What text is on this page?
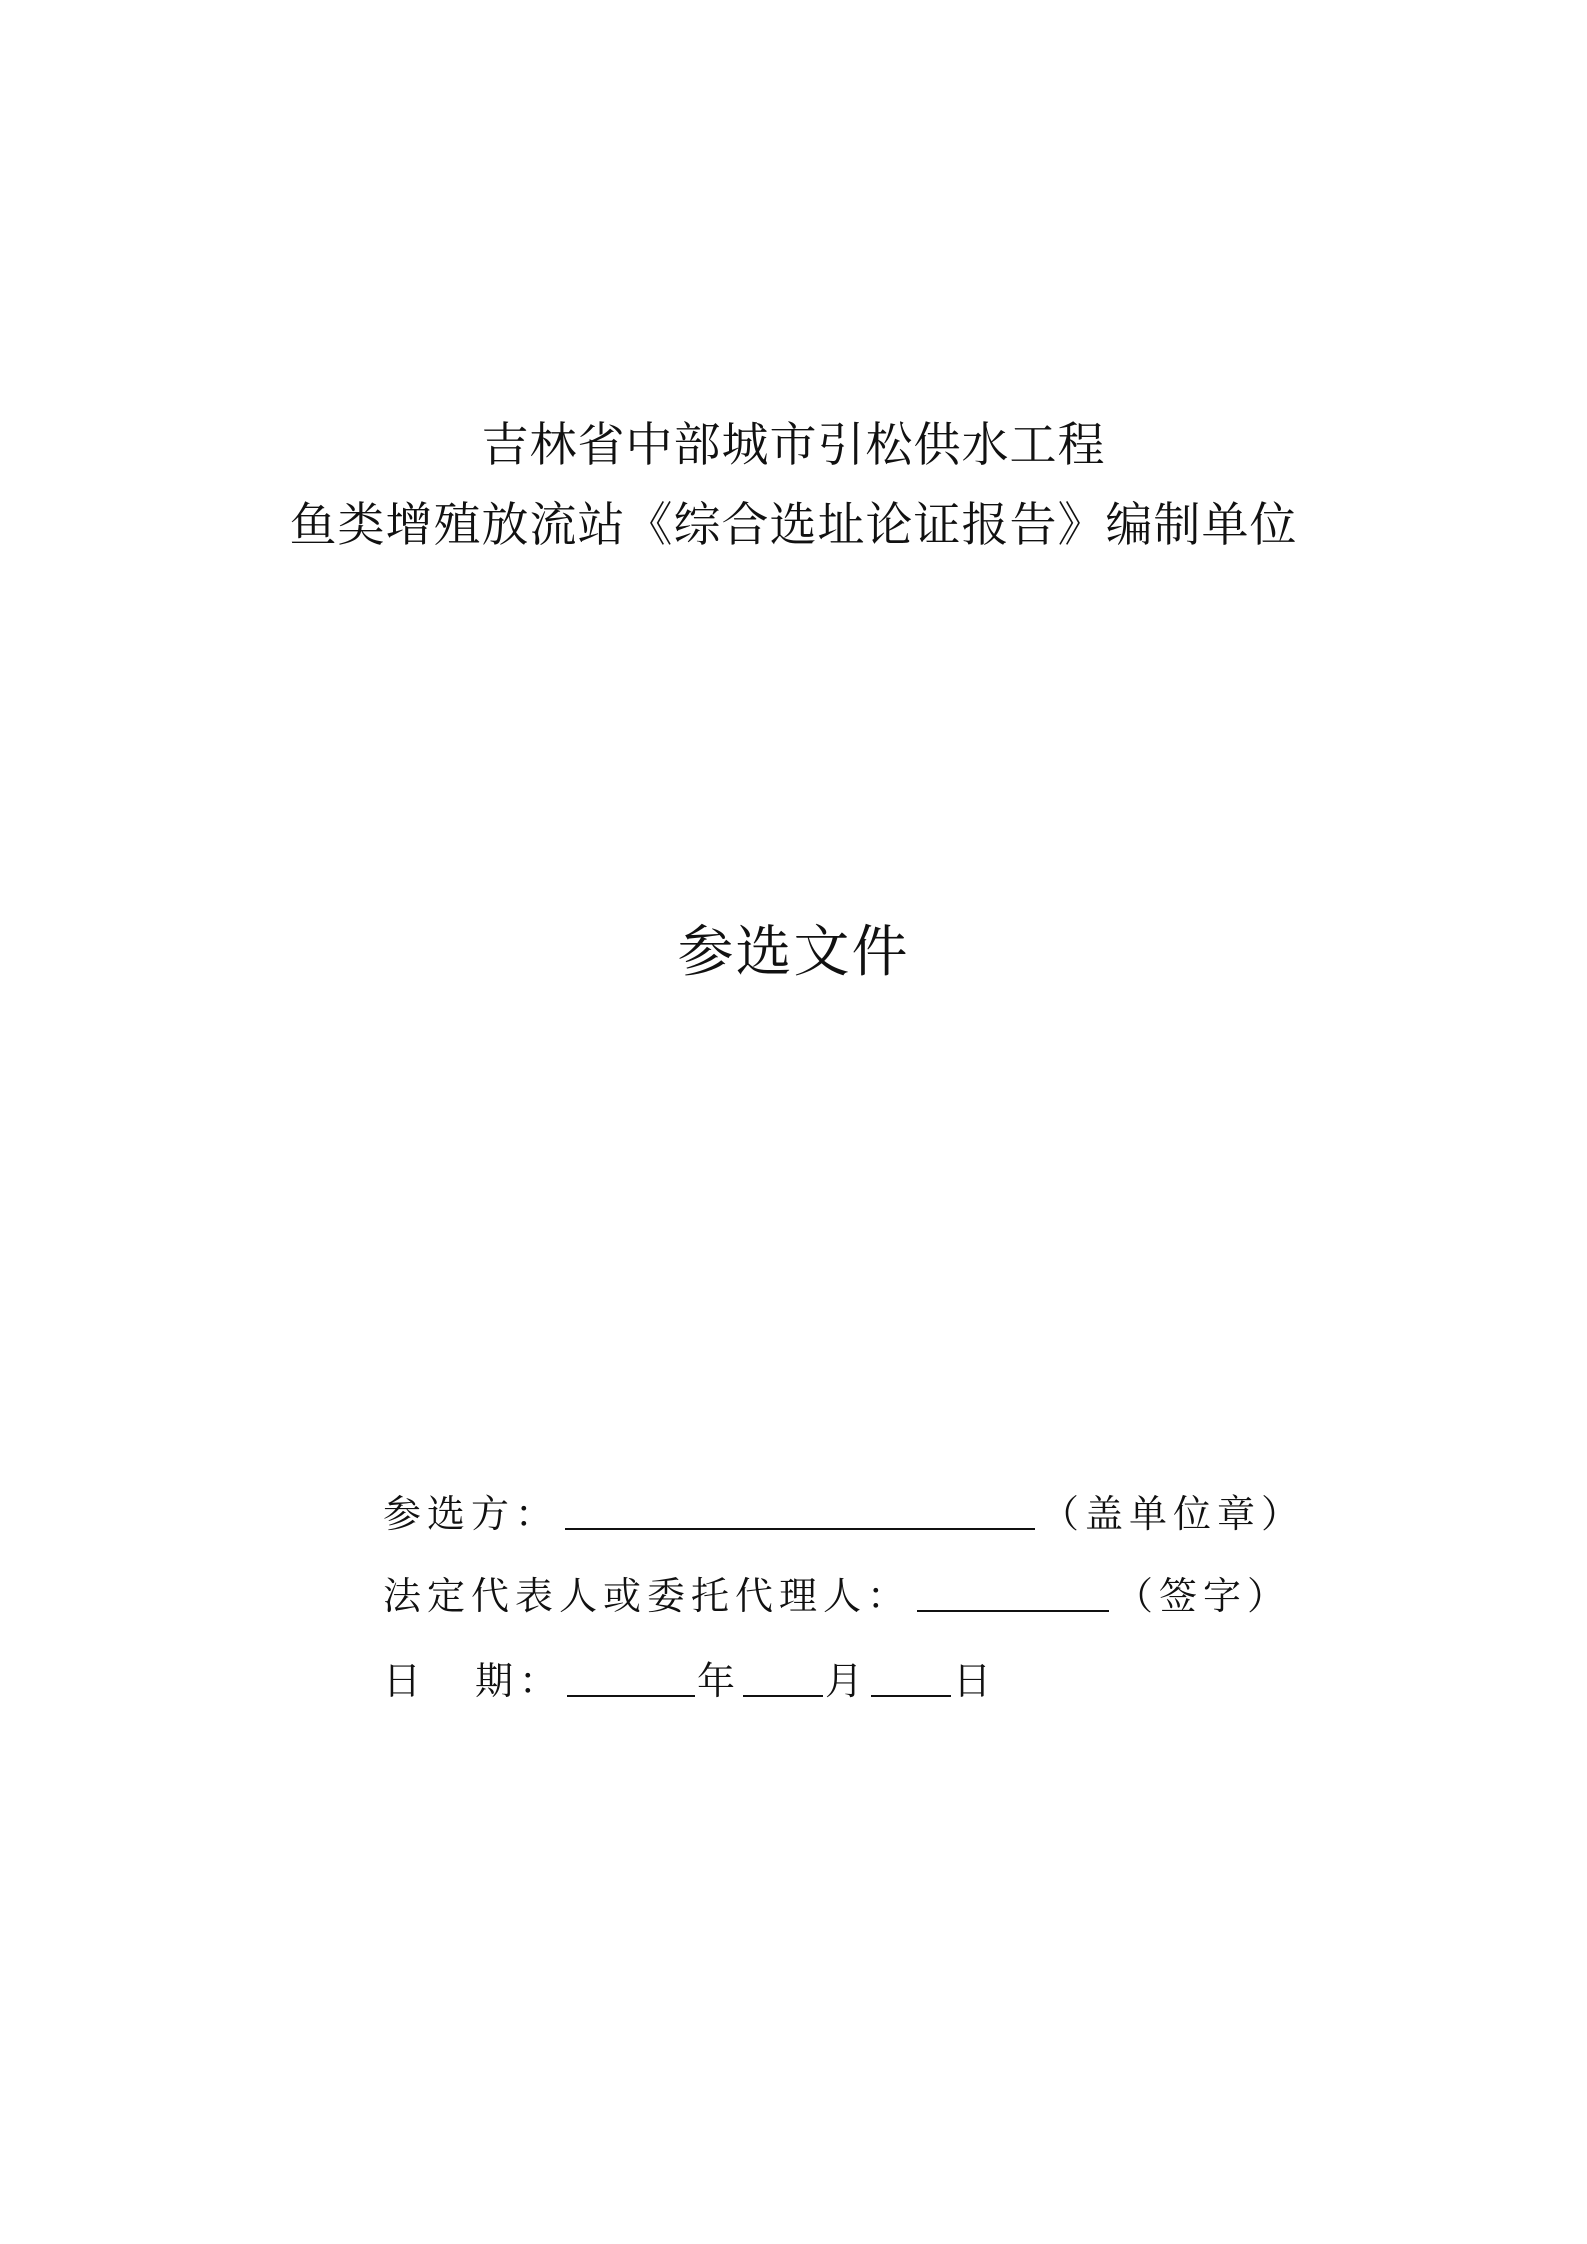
吉林省中部城市引松供水工程
鱼类增殖放流站《综合选址论证报告》编制单位
参选文件
参选方：	（盖单位章）
法定代表人或委托代理人：	（签字）
日 期：	年 月 日
